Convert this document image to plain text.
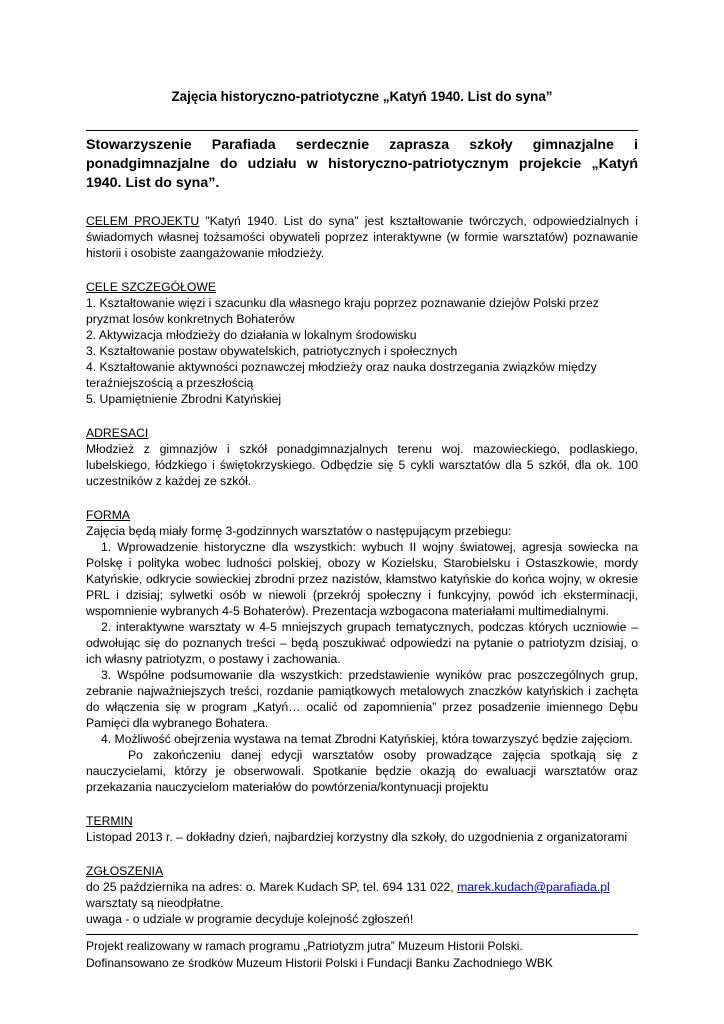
Zajęcia historyczno-patriotyczne „Katyń 1940. List do syna”

Stowarzyszenie Parafiada serdecznie zaprasza szkoły gimnazjalne i ponadgimnazjalne do udziału w historyczno-patriotycznym projekcie „Katyń 1940. List do syna”.

CELEM PROJEKTU "Katyń 1940. List do syna" jest kształtowanie twórczych, odpowiedzialnych i świadomych własnej tożsamości obywateli poprzez interaktywne (w formie warsztatów) poznawanie historii i osobiste zaangażowanie młodzieży.

CELE SZCZEGÓŁOWE

1. Kształtowanie więzi i szacunku dla własnego kraju poprzez poznawanie dziejów Polski przez pryzmat losów konkretnych Bohaterów

2. Aktywizacja młodzieży do działania w lokalnym środowisku

3. Kształtowanie postaw obywatelskich, patriotycznych i społecznych

4. Kształtowanie aktywności poznawczej młodzieży oraz nauka dostrzegania związków między teraźniejszością a przeszłością

5. Upamiętnienie Zbrodni Katyńskiej

ADRESACI

Młodzież z gimnazjów i szkół ponadgimnazjalnych terenu woj. mazowieckiego, podlaskiego, lubelskiego, łódzkiego i świętokrzyskiego. Odbędzie się 5 cykli warsztatów dla 5 szkół, dla ok. 100 uczestników z każdej ze szkół.

FORMA

Zajęcia będą miały formę 3-godzinnych warsztatów o następującym przebiegu:

1. Wprowadzenie historyczne dla wszystkich: wybuch II wojny światowej, agresja sowiecka na Polskę i polityka wobec ludności polskiej, obozy w Kozielsku, Starobielsku i Ostaszkowie, mordy Katyńskie, odkrycie sowieckiej zbrodni przez nazistów, kłamstwo katyńskie do końca wojny, w okresie PRL i dzisiaj; sylwetki osób w niewoli (przekrój społeczny i funkcyjny, powód ich eksterminacji, wspomnienie wybranych 4-5 Bohaterów). Prezentacja wzbogacona materiałami multimedialnymi.

2. interaktywne warsztaty w 4-5 mniejszych grupach tematycznych, podczas których uczniowie – odwołując się do poznanych treści – będą poszukiwać odpowiedzi na pytanie o patriotyzm dzisiaj, o ich własny patriotyzm, o postawy i zachowania.

3. Wspólne podsumowanie dla wszystkich: przedstawienie wyników prac poszczególnych grup, zebranie najważniejszych treści, rozdanie pamiątkowych metalowych znaczków katyńskich i zachęta do włączenia się w program „Katyń… ocalić od zapomnienia” przez posadzenie imiennego Dębu Pamięci dla wybranego Bohatera.

4. Możliwość obejrzenia wystawa na temat Zbrodni Katyńskiej, która towarzyszyć będzie zajęciom.

Po zakończeniu danej edycji warsztatów osoby prowadzące zajęcia spotkają się z nauczycielami, którzy je obserwowali. Spotkanie będzie okazją do ewaluacji warsztatów oraz przekazania nauczycielom materiałów do powtórzenia/kontynuacji projektu

TERMIN

Listopad 2013 r. – dokładny dzień, najbardziej korzystny dla szkoły, do uzgodnienia z organizatorami

ZGŁOSZENIA

do 25 października na adres: o. Marek Kudach SP, tel. 694 131 022, marek.kudach@parafiada.pl

warsztaty są nieodpłatne.

uwaga - o udziale w programie decyduje kolejność zgłoszeń!

Projekt realizowany w ramach programu „Patriotyzm jutra” Muzeum Historii Polski.

Dofinansowano ze środków Muzeum Historii Polski i Fundacji Banku Zachodniego WBK
